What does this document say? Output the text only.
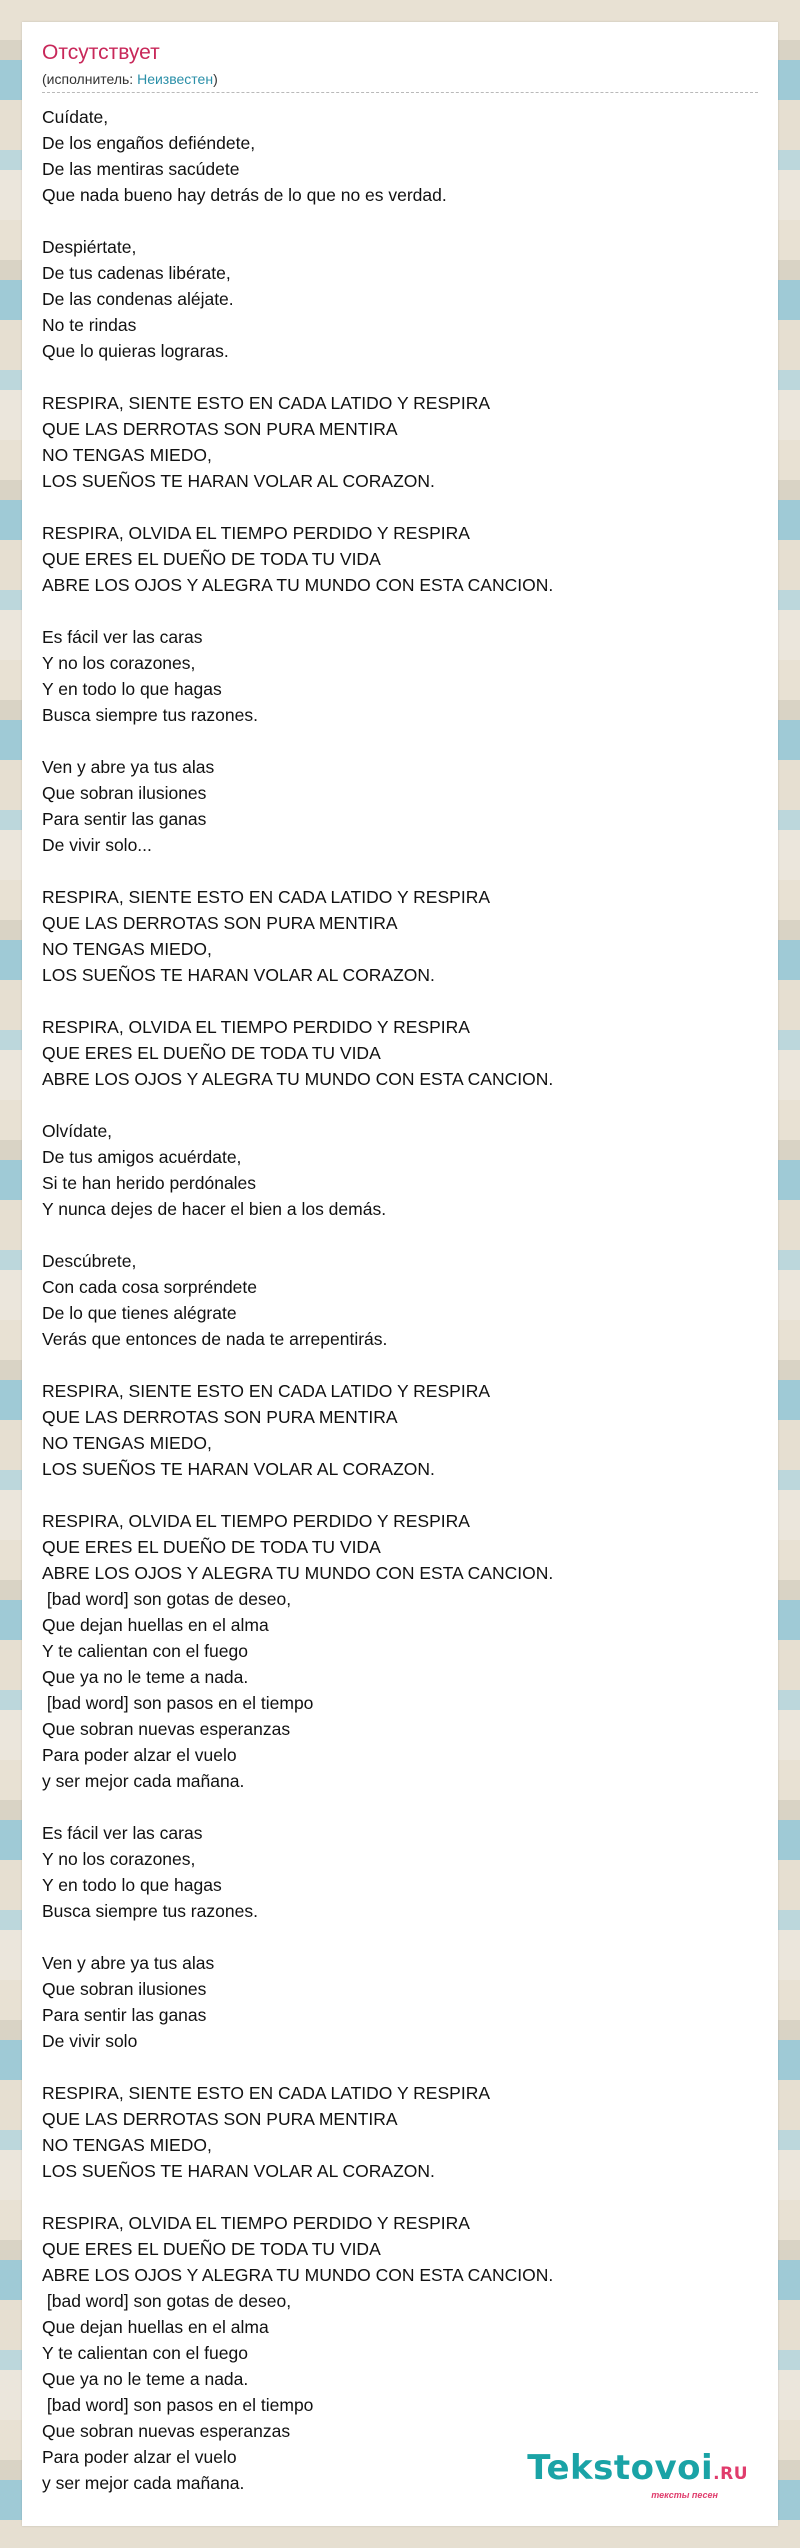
Отсутствует
(исполнитель: Неизвестен)
Cuídate,
De los engaños defiéndete,
De las mentiras sacúdete
Que nada bueno hay detrás de lo que no es verdad.

Despiértate,
De tus cadenas libérate,
De las condenas aléjate.
No te rindas
Que lo quieras lograras.

RESPIRA, SIENTE ESTO EN CADA LATIDO Y RESPIRA
QUE LAS DERROTAS SON PURA MENTIRA
NO TENGAS MIEDO,
LOS SUEÑOS TE HARAN VOLAR AL CORAZON.

RESPIRA, OLVIDA EL TIEMPO PERDIDO Y RESPIRA
QUE ERES EL DUEÑO DE TODA TU VIDA
ABRE LOS OJOS Y ALEGRA TU MUNDO CON ESTA CANCION.

Es fácil ver las caras
Y no los corazones,
Y en todo lo que hagas
Busca siempre tus razones.

Ven y abre ya tus alas
Que sobran ilusiones
Para sentir las ganas
De vivir solo...

RESPIRA, SIENTE ESTO EN CADA LATIDO Y RESPIRA
QUE LAS DERROTAS SON PURA MENTIRA
NO TENGAS MIEDO,
LOS SUEÑOS TE HARAN VOLAR AL CORAZON.

RESPIRA, OLVIDA EL TIEMPO PERDIDO Y RESPIRA
QUE ERES EL DUEÑO DE TODA TU VIDA
ABRE LOS OJOS Y ALEGRA TU MUNDO CON ESTA CANCION.

Olvídate,
De tus amigos acuérdate,
Si te han herido perdónales
Y nunca dejes de hacer el bien a los demás.

Descúbrete,
Con cada cosa sorpréndete
De lo que tienes alégrate
Verás que entonces de nada te arrepentirás.

RESPIRA, SIENTE ESTO EN CADA LATIDO Y RESPIRA
QUE LAS DERROTAS SON PURA MENTIRA
NO TENGAS MIEDO,
LOS SUEÑOS TE HARAN VOLAR AL CORAZON.

RESPIRA, OLVIDA EL TIEMPO PERDIDO Y RESPIRA
QUE ERES EL DUEÑO DE TODA TU VIDA
ABRE LOS OJOS Y ALEGRA TU MUNDO CON ESTA CANCION.
[bad word] son gotas de deseo,
Que dejan huellas en el alma
Y te calientan con el fuego
Que ya no le teme a nada.
[bad word] son pasos en el tiempo
Que sobran nuevas esperanzas
Para poder alzar el vuelo
y ser mejor cada mañana.

Es fácil ver las caras
Y no los corazones,
Y en todo lo que hagas
Busca siempre tus razones.

Ven y abre ya tus alas
Que sobran ilusiones
Para sentir las ganas
De vivir solo

RESPIRA, SIENTE ESTO EN CADA LATIDO Y RESPIRA
QUE LAS DERROTAS SON PURA MENTIRA
NO TENGAS MIEDO,
LOS SUEÑOS TE HARAN VOLAR AL CORAZON.

RESPIRA, OLVIDA EL TIEMPO PERDIDO Y RESPIRA
QUE ERES EL DUEÑO DE TODA TU VIDA
ABRE LOS OJOS Y ALEGRA TU MUNDO CON ESTA CANCION.
[bad word] son gotas de deseo,
Que dejan huellas en el alma
Y te calientan con el fuego
Que ya no le teme a nada.
[bad word] son pasos en el tiempo
Que sobran nuevas esperanzas
Para poder alzar el vuelo
y ser mejor cada mañana.	Tekstovoi.RU
тексты песен
